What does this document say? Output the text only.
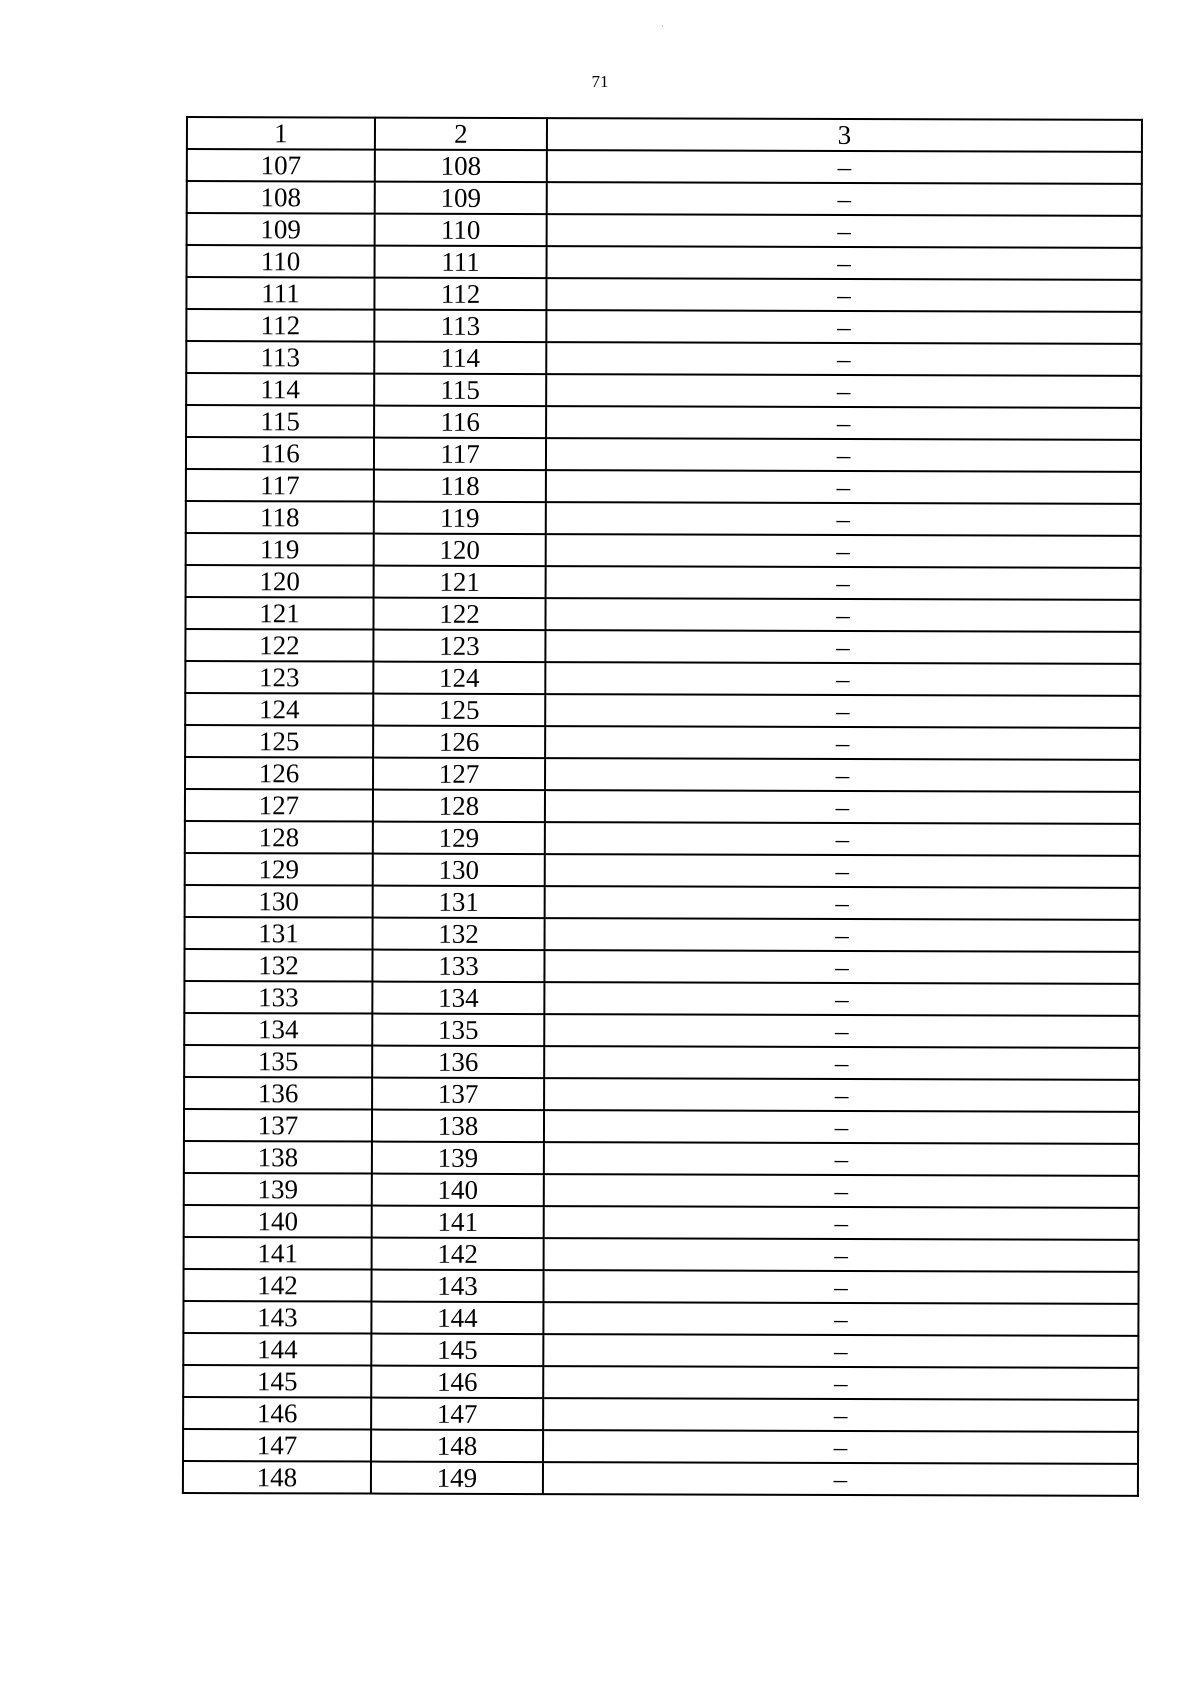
·
71
1	2	3
107	108	–
108	109	–
109	110	–
110	111	–
111	112	–
112	113	–
113	114	–
114	115	–
115	116	–
116	117	–
117	118	–
118	119	–
119	120	–
120	121	–
121	122	–
122	123	–
123	124	–
124	125	–
125	126	–
126	127	–
127	128	–
128	129	–
129	130	–
130	131	–
131	132	–
132	133	–
133	134	–
134	135	–
135	136	–
136	137	–
137	138	–
138	139	–
139	140	–
140	141	–
141	142	–
142	143	–
143	144	–
144	145	–
145	146	–
146	147	–
147	148	–
148	149	–
